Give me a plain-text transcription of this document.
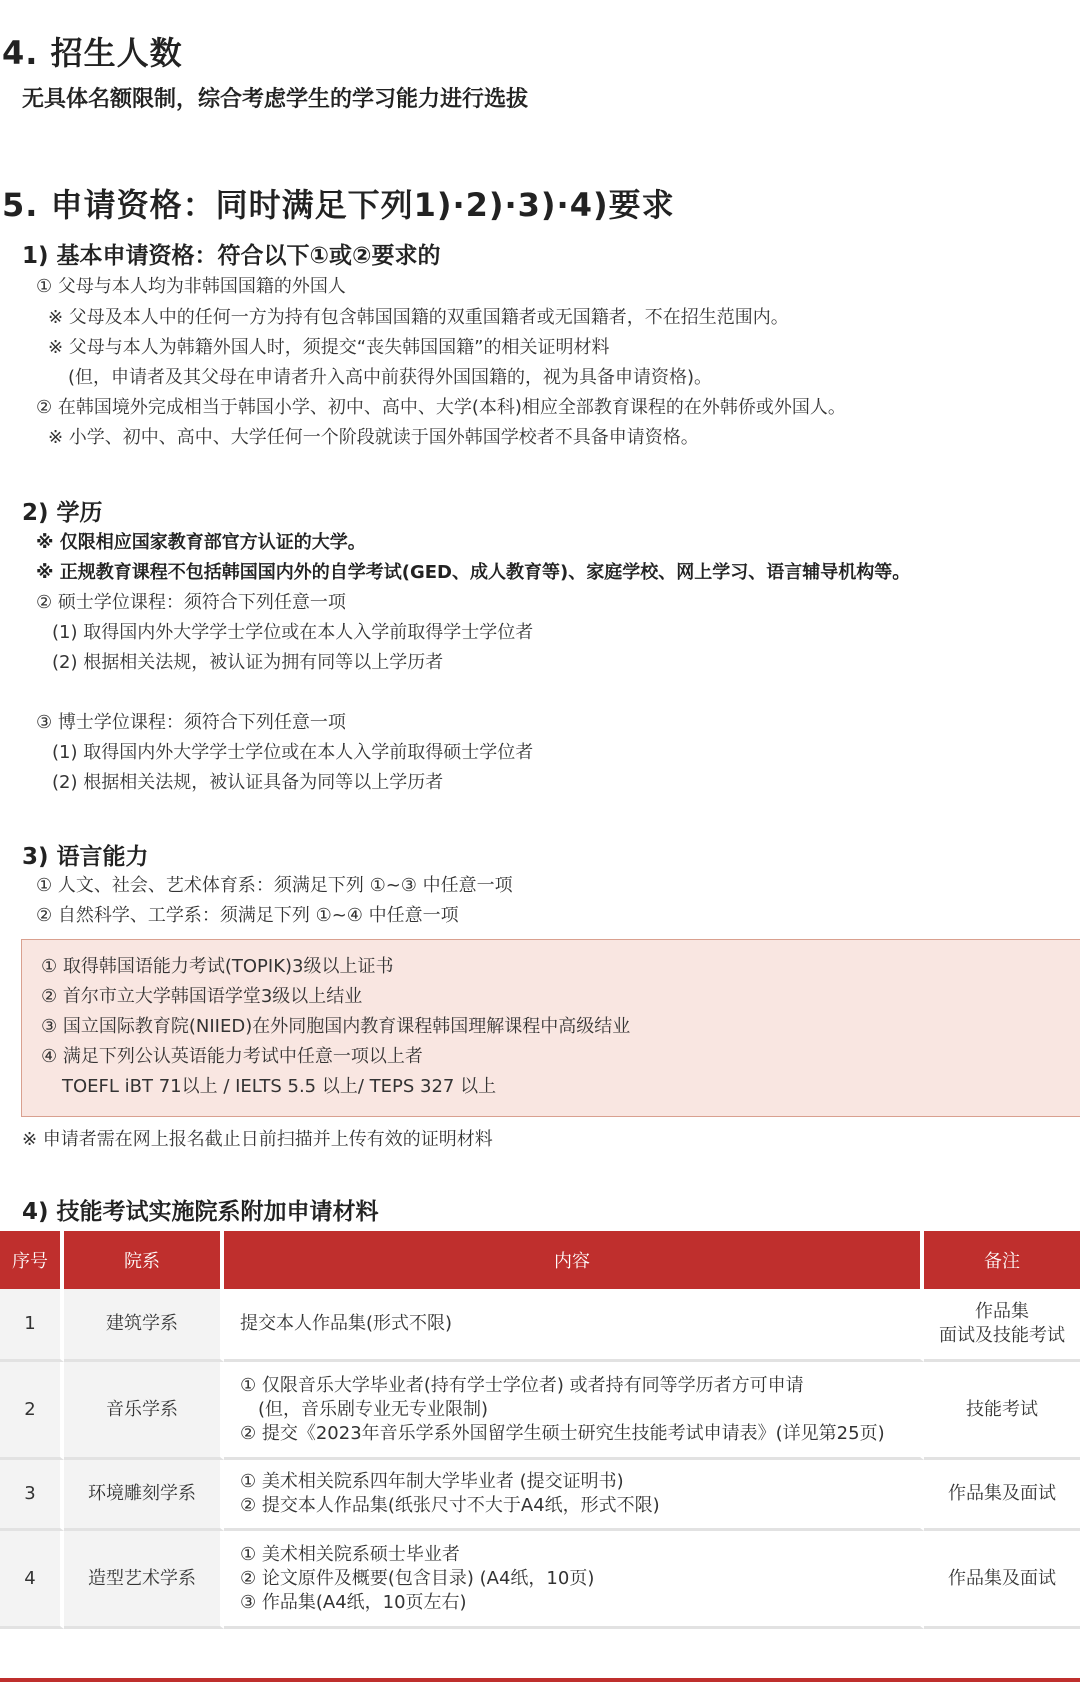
4. 招生人数
无具体名额限制，综合考虑学生的学习能力进行选拔
5. 申请资格：同时满足下列1)·2)·3)·4)要求
1) 基本申请资格：符合以下①或②要求的
① 父母与本人均为非韩国国籍的外国人
※ 父母及本人中的任何一方为持有包含韩国国籍的双重国籍者或无国籍者，不在招生范围内。
※ 父母与本人为韩籍外国人时，须提交“丧失韩国国籍”的相关证明材料
(但，申请者及其父母在申请者升入高中前获得外国国籍的，视为具备申请资格)。
② 在韩国境外完成相当于韩国小学、初中、高中、大学(本科)相应全部教育课程的在外韩侨或外国人。
※ 小学、初中、高中、大学任何一个阶段就读于国外韩国学校者不具备申请资格。
2) 学历
※ 仅限相应国家教育部官方认证的大学。
※ 正规教育课程不包括韩国国内外的自学考试(GED、成人教育等)、家庭学校、网上学习、语言辅导机构等。
② 硕士学位课程：须符合下列任意一项
(1) 取得国内外大学学士学位或在本人入学前取得学士学位者
(2) 根据相关法规，被认证为拥有同等以上学历者
③ 博士学位课程：须符合下列任意一项
(1) 取得国内外大学学士学位或在本人入学前取得硕士学位者
(2) 根据相关法规，被认证具备为同等以上学历者
3) 语言能力
① 人文、社会、艺术体育系：须满足下列 ①~③ 中任意一项
② 自然科学、工学系：须满足下列 ①~④ 中任意一项
① 取得韩国语能力考试(TOPIK)3级以上证书
② 首尔市立大学韩国语学堂3级以上结业
③ 国立国际教育院(NIIED)在外同胞国内教育课程韩国理解课程中高级结业
④ 满足下列公认英语能力考试中任意一项以上者
TOEFL iBT 71以上 / IELTS 5.5 以上/ TEPS 327 以上
※ 申请者需在网上报名截止日前扫描并上传有效的证明材料
4) 技能考试实施院系附加申请材料
序号	院系	内容	备注
1	建筑学系	提交本人作品集(形式不限)	作品集
面试及技能考试

2	音乐学系	① 仅限音乐大学毕业者(持有学士学位者) 或者持有同等学历者方可申请
(但，音乐剧专业无专业限制)
② 提交《2023年音乐学系外国留学生硕士研究生技能考试申请表》(详见第25页)	技能考试

3	环境雕刻学系	① 美术相关院系四年制大学毕业者 (提交证明书)
② 提交本人作品集(纸张尺寸不大于A4纸，形式不限)	作品集及面试

4	造型艺术学系	① 美术相关院系硕士毕业者
② 论文原件及概要(包含目录) (A4纸，10页)
③ 作品集(A4纸，10页左右)	作品集及面试
